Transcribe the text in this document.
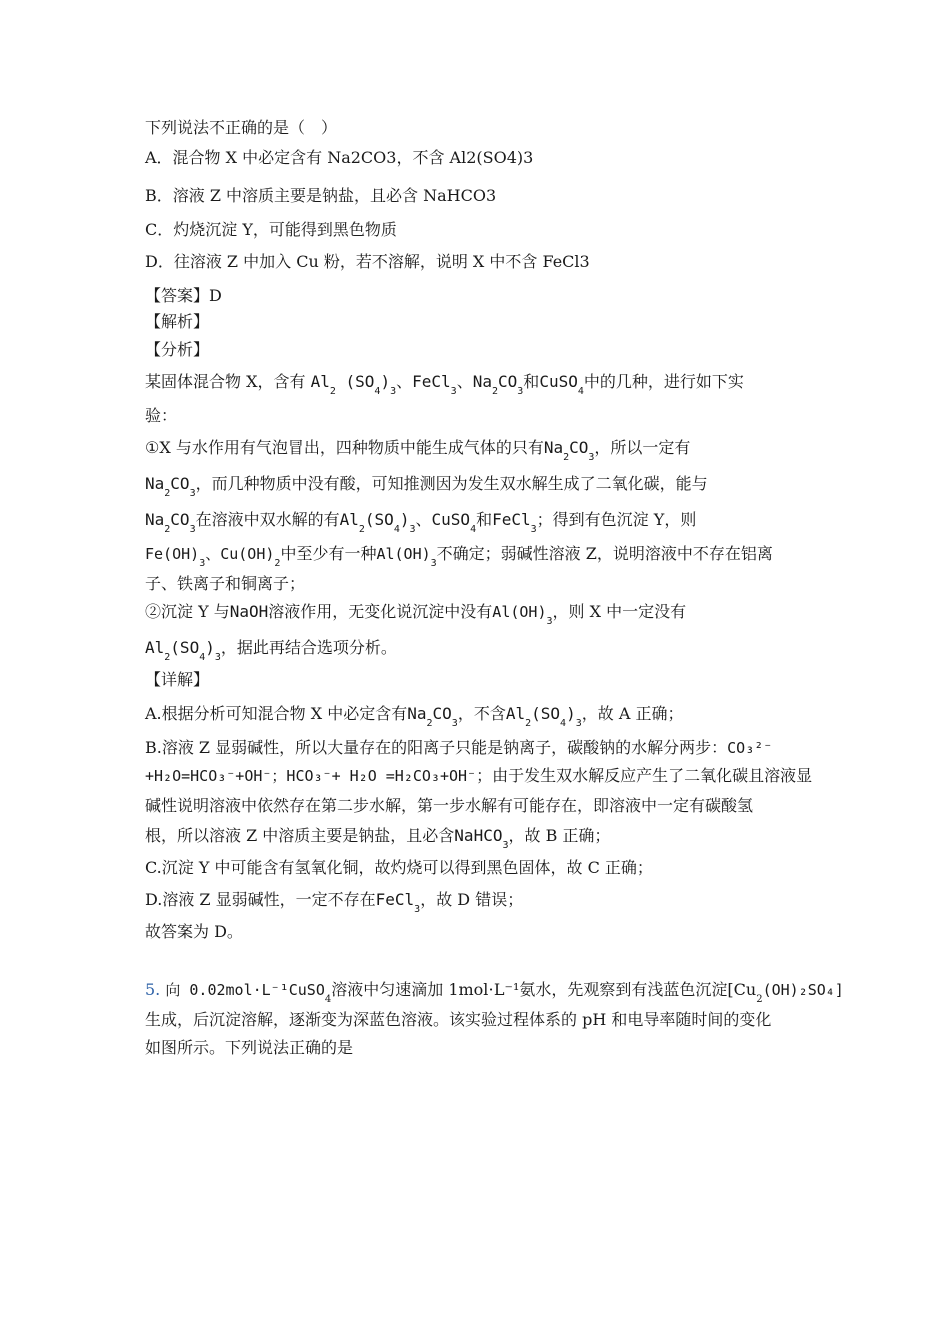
下列说法不正确的是（　）
A．混合物 X 中必定含有 Na2CO3，不含 Al2(SO4)3
B．溶液 Z 中溶质主要是钠盐，且必含 NaHCO3
C．灼烧沉淀 Y，可能得到黑色物质
D．往溶液 Z 中加入 Cu 粉，若不溶解，说明 X 中不含 FeCl3
【答案】D
【解析】
【分析】
某固体混合物 X，含有 $Al_2$ $(SO_4)_3$、FeCl$_3$、$Na_2CO_3$和CuSO$_4$中的几种，进行如下实
验：
①X 与水作用有气泡冒出，四种物质中能生成气体的只有$Na_2CO_3$，所以一定有
$Na_2CO_3$，而几种物质中没有酸，可知推测因为发生双水解生成了二氧化碳，能与
$Na_2CO_3$在溶液中双水解的有$Al_2(SO_4)_3$、CuSO$_4$和FeCl$_3$；得到有色沉淀 Y，则
$Fe(OH)_3$、$Cu(OH)_2$中至少有一种$Al(OH)_3$不确定；弱碱性溶液 Z，说明溶液中不存在铝离
子、铁离子和铜离子；
②沉淀 Y 与NaOH溶液作用，无变化说沉淀中没有$Al(OH)_3$，则 X 中一定没有
$Al_2(SO_4)_3$，据此再结合选项分析。
【详解】
A.根据分析可知混合物 X 中必定含有$Na_2CO_3$，不含$Al_2(SO_4)_3$，故 A 正确；
B.溶液 Z 显弱碱性，所以大量存在的阳离子只能是钠离子，碳酸钠的水解分两步：CO₃²⁻
+H₂O=HCO₃⁻+OH⁻；HCO₃⁻+ H₂O =H₂CO₃+OH⁻；由于发生双水解反应产生了二氧化碳且溶液显
碱性说明溶液中依然存在第二步水解，第一步水解有可能存在，即溶液中一定有碳酸氢
根，所以溶液 Z 中溶质主要是钠盐，且必含NaHCO$_3$，故 B 正确；
C.沉淀 Y 中可能含有氢氧化铜，故灼烧可以得到黑色固体，故 C 正确；
D.溶液 Z 显弱碱性，一定不存在FeCl$_3$，故 D 错误；
故答案为 D。
5. 向 0.02mol⋅L⁻¹CuSO$_4$溶液中匀速滴加 1mol⋅L⁻¹氨水，先观察到有浅蓝色沉淀$[Cu_2(OH)_2SO_4]$
生成，后沉淀溶解，逐渐变为深蓝色溶液。该实验过程体系的 pH 和电导率随时间的变化
如图所示。下列说法正确的是
